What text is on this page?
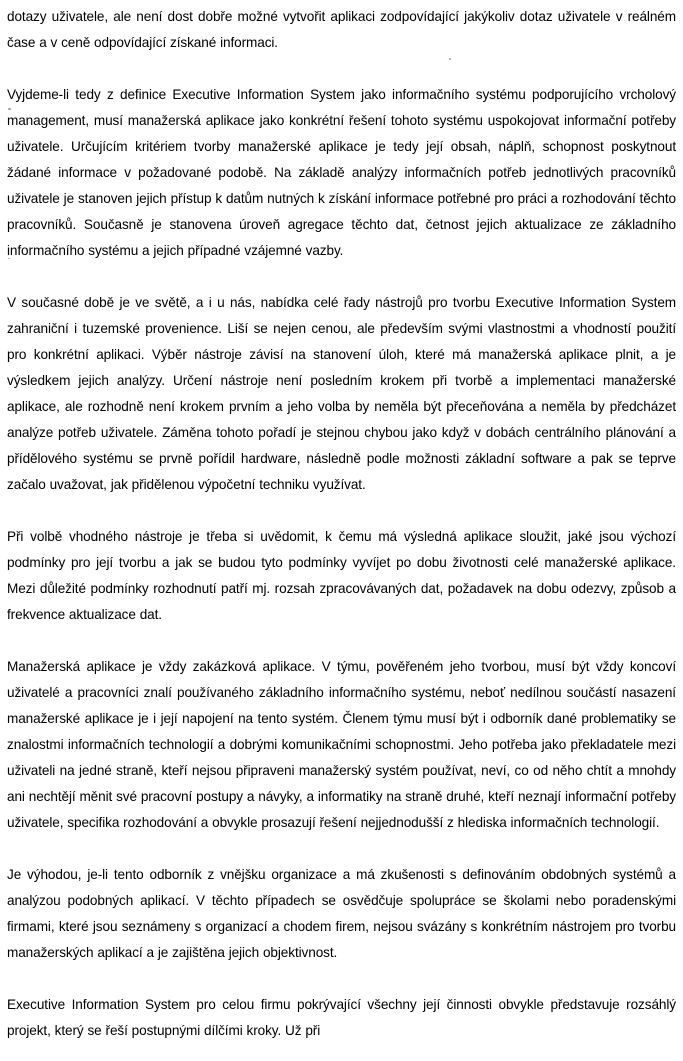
dotazy uživatele, ale není dost dobře možné vytvořit aplikaci zodpovídající jakýkoliv dotaz uživatele v reálném čase a v ceně odpovídající získané informaci.

Vyjdeme-li tedy z definice Executive Information System jako informačního systému podporujícího vrcholový management, musí manažerská aplikace jako konkrétní řešení tohoto systému uspokojovat informační potřeby uživatele. Určujícím kritériem tvorby manažerské aplikace je tedy její obsah, náplň, schopnost poskytnout žádané informace v požadované podobě. Na základě analýzy informačních potřeb jednotlivých pracovníků uživatele je stanoven jejich přístup k datům nutných k získání informace potřebné pro práci a rozhodování těchto pracovníků. Současně je stanovena úroveň agregace těchto dat, četnost jejich aktualizace ze základního informačního systému a jejich případné vzájemné vazby.

V současné době je ve světě, a i u nás, nabídka celé řady nástrojů pro tvorbu Executive Information System zahraniční i tuzemské provenience. Liší se nejen cenou, ale především svými vlastnostmi a vhodností použití pro konkrétní aplikaci. Výběr nástroje závisí na stanovení úloh, které má manažerská aplikace plnit, a je výsledkem jejich analýzy. Určení nástroje není posledním krokem při tvorbě a implementaci manažerské aplikace, ale rozhodně není krokem prvním a jeho volba by neměla být přeceňována a neměla by předcházet analýze potřeb uživatele. Záměna tohoto pořadí je stejnou chybou jako když v dobách centrálního plánování a přídělového systému se prvně pořídil hardware, následně podle možnosti základní software a pak se teprve začalo uvažovat, jak přidělenou výpočetní techniku využívat.

Při volbě vhodného nástroje je třeba si uvědomit, k čemu má výsledná aplikace sloužit, jaké jsou výchozí podmínky pro její tvorbu a jak se budou tyto podmínky vyvíjet po dobu životnosti celé manažerské aplikace. Mezi důležité podmínky rozhodnutí patří mj. rozsah zpracovávaných dat, požadavek na dobu odezvy, způsob a frekvence aktualizace dat.

Manažerská aplikace je vždy zakázková aplikace. V týmu, pověřeném jeho tvorbou, musí být vždy koncoví uživatelé a pracovníci znalí používaného základního informačního systému, neboť nedílnou součástí nasazení manažerské aplikace je i její napojení na tento systém. Členem týmu musí být i odborník dané problematiky se znalostmi informačních technologií a dobrými komunikačními schopnostmi. Jeho potřeba jako překladatele mezi uživateli na jedné straně, kteří nejsou připraveni manažerský systém používat, neví, co od něho chtít a mnohdy ani nechtějí měnit své pracovní postupy a návyky, a informatiky na straně druhé, kteří neznají informační potřeby uživatele, specifika rozhodování a obvykle prosazují řešení nejjednodušší z hlediska informačních technologií.

Je výhodou, je-li tento odborník z vnějšku organizace a má zkušenosti s definováním obdobných systémů a analýzou podobných aplikací. V těchto případech se osvědčuje spolupráce se školami nebo poradenskými firmami, které jsou seznámeny s organizací a chodem firem, nejsou svázány s konkrétním nástrojem pro tvorbu manažerských aplikací a je zajištěna jejich objektivnost.

Executive Information System pro celou firmu pokrývající všechny její činnosti obvykle představuje rozsáhlý projekt, který se řeší postupnými dílčími kroky. Už při
